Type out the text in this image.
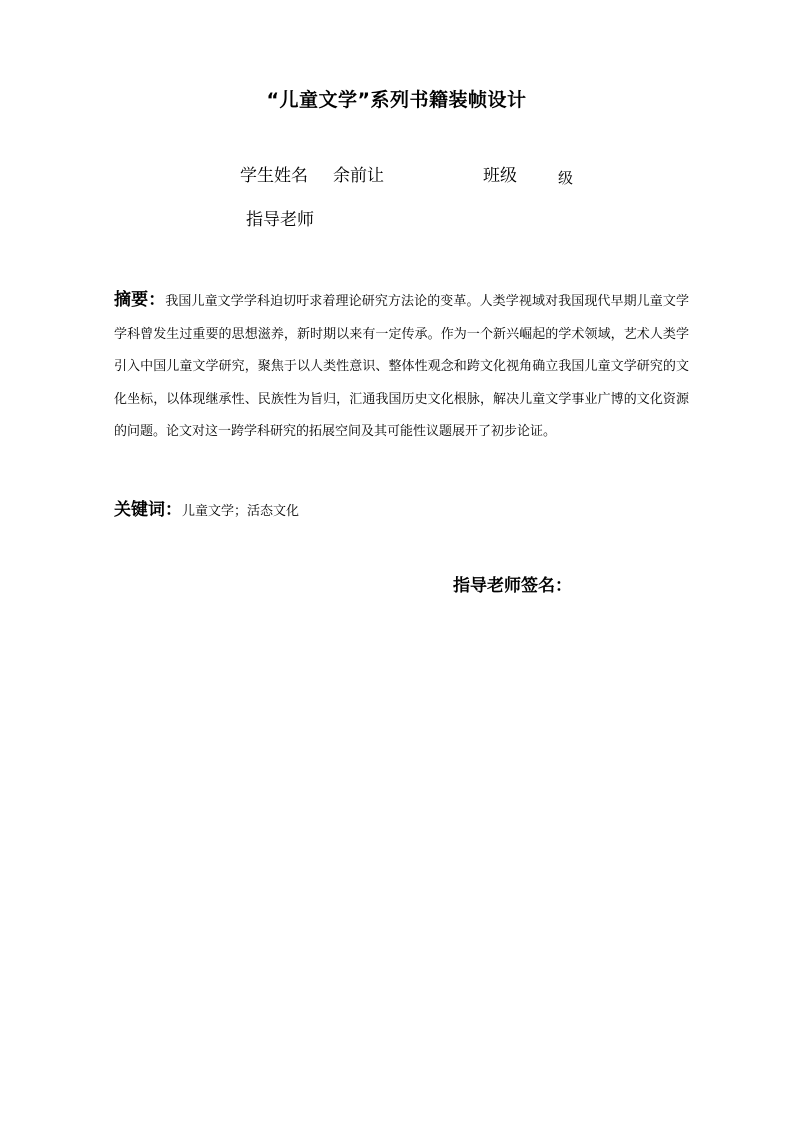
“儿童文学”系列书籍装帧设计
学生姓名 余前让	班级	级
指导老师
摘要：我国儿童文学学科迫切吁求着理论研究方法论的变革。人类学视域对我国现代早期儿童文学学科曾发生过重要的思想滋养，新时期以来有一定传承。作为一个新兴崛起的学术领域，艺术人类学引入中国儿童文学研究，聚焦于以人类性意识、整体性观念和跨文化视角确立我国儿童文学研究的文化坐标，以体现继承性、民族性为旨归，汇通我国历史文化根脉，解决儿童文学事业广博的文化资源的问题。论文对这一跨学科研究的拓展空间及其可能性议题展开了初步论证。
关键词：儿童文学；活态文化
指导老师签名：
